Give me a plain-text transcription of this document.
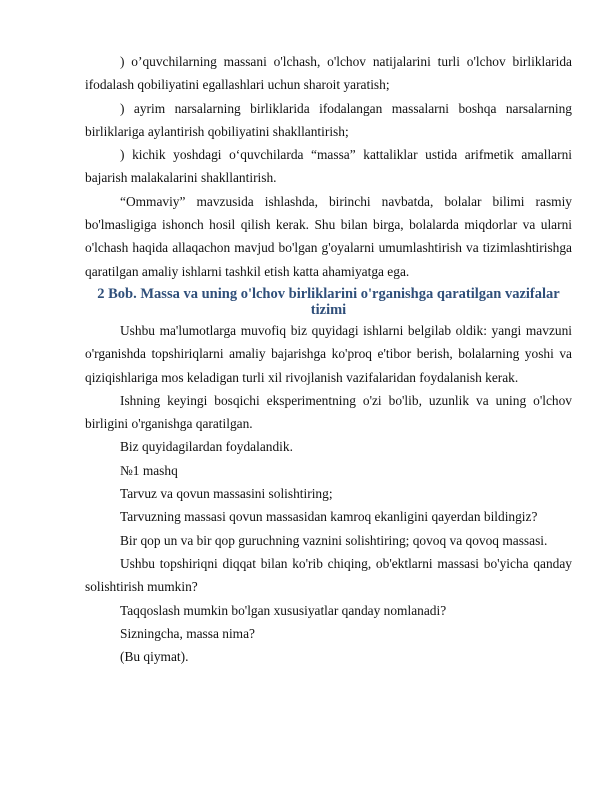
) o’quvchilarning massani o'lchash, o'lchov natijalarini turli o'lchov birliklarida ifodalash qobiliyatini egallashlari uchun sharoit yaratish;

) ayrim narsalarning birliklarida ifodalangan massalarni boshqa narsalarning birliklariga aylantirish qobiliyatini shakllantirish;

) kichik yoshdagi o‘quvchilarda “massa” kattaliklar ustida arifmetik amallarni bajarish malakalarini shakllantirish.

“Ommaviy” mavzusida ishlashda, birinchi navbatda, bolalar bilimi rasmiy bo'lmasligiga ishonch hosil qilish kerak. Shu bilan birga, bolalarda miqdorlar va ularni o'lchash haqida allaqachon mavjud bo'lgan g'oyalarni umumlashtirish va tizimlashtirishga qaratilgan amaliy ishlarni tashkil etish katta ahamiyatga ega.

2 Bob. Massa va uning o'lchov birliklarini o'rganishga qaratilgan vazifalar tizimi

Ushbu ma'lumotlarga muvofiq biz quyidagi ishlarni belgilab oldik: yangi mavzuni o'rganishda topshiriqlarni amaliy bajarishga ko'proq e'tibor berish, bolalarning yoshi va qiziqishlariga mos keladigan turli xil rivojlanish vazifalaridan foydalanish kerak.

Ishning keyingi bosqichi eksperimentning o'zi bo'lib, uzunlik va uning o'lchov birligini o'rganishga qaratilgan.

Biz quyidagilardan foydalandik.

№1 mashq

Tarvuz va qovun massasini solishtiring;

Tarvuzning massasi qovun massasidan kamroq ekanligini qayerdan bildingiz?

Bir qop un va bir qop guruchning vaznini solishtiring; qovoq va qovoq massasi.

Ushbu topshiriqni diqqat bilan ko'rib chiqing, ob'ektlarni massasi bo'yicha qanday solishtirish mumkin?

Taqqoslash mumkin bo'lgan xususiyatlar qanday nomlanadi?

Sizningcha, massa nima?

(Bu qiymat).
